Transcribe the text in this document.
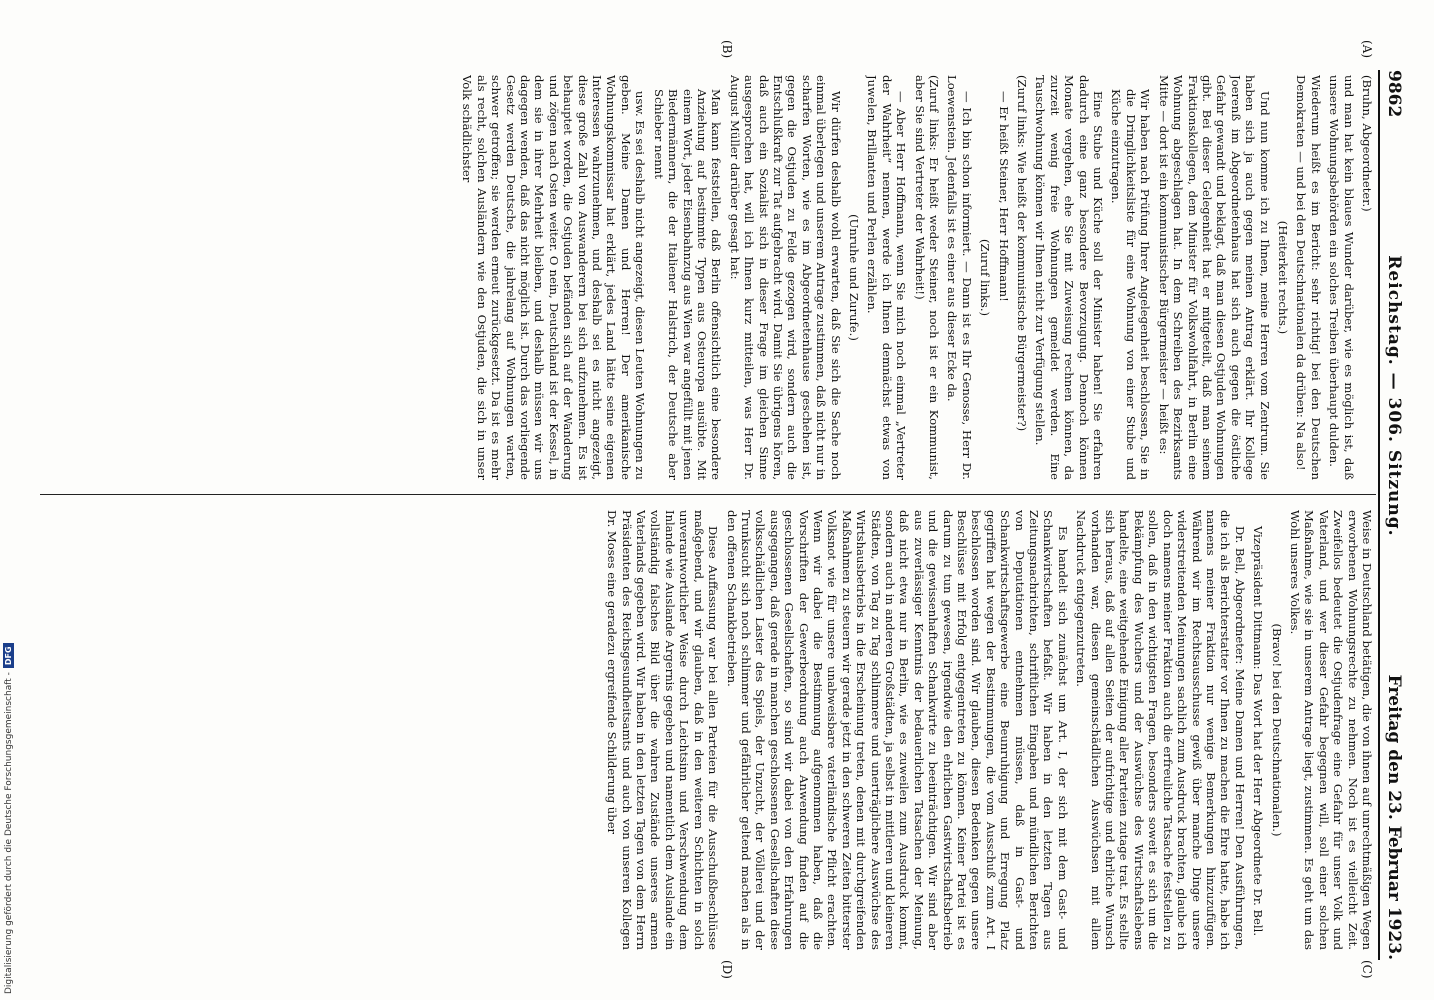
9862
Reichstag. — 306. Sitzung.
Freitag den 23. Februar 1923.
(A)
(B)
(C)
(D)

(Bruhn, Abgeordneter.)

und man hat kein blaues Wunder darüber, wie es möglich ist, daß unsere Wohnungsbehörden ein solches Treiben überhaupt dulden.

Wiederum heißt es im Bericht: sehr richtig! bei den Deutschen Demokraten — und bei den Deutschnationalen da drüben: Na also!

(Heiterkeit rechts.)

Und nun komme ich zu Ihnen, meine Herren vom Zentrum. Sie haben sich ja auch gegen meinen Antrag erklärt. Ihr Kollege Joerenß im Abgeordnetenhaus hat sich auch gegen die östliche Gefahr gewandt und beklagt, daß man diesen Ostjuden Wohnungen gibt. Bei dieser Gelegenheit hat er mitgeteilt, daß man seinem Fraktionskollegen, dem Minister für Volkswohlfahrt, in Berlin eine Wohnung abgeschlagen hat. In dem Schreiben des Bezirksamts Mitte — dort ist ein kommunistischer Bürgermeister — heißt es:

Wir haben nach Prüfung Ihrer Angelegenheit beschlossen, Sie in die Dringlichkeitsliste für eine Wohnung von einer Stube und Küche einzutragen.

Eine Stube und Küche soll der Minister haben! Sie erfahren dadurch eine ganz besondere Bevorzugung. Dennoch können Monate vergehen, ehe Sie mit Zuweisung rechnen können, da zurzeit wenig freie Wohnungen gemeldet werden. Eine Tauschwohnung können wir Ihnen nicht zur Verfügung stellen.

(Zuruf links: Wie heißt der kommunistische Bürgermeister?)

— Er heißt Steiner, Herr Hoffmann!

(Zuruf links.)

— Ich bin schon informiert. — Dann ist es Ihr Genosse, Herr Dr. Loewenstein. Jedenfalls ist es einer aus dieser Ecke da.

(Zuruf links: Er heißt weder Steiner, noch ist er ein Kommunist, aber Sie sind Vertreter der Wahrheit!)

— Aber Herr Hoffmann, wenn Sie mich noch einmal „Vertreter der Wahrheit“ nennen, werde ich Ihnen demnächst etwas von Juwelen, Brillanten und Perlen erzählen.

(Unruhe und Zurufe.)

Wir dürfen deshalb wohl erwarten, daß Sie sich die Sache noch einmal überlegen und unserem Antrage zustimmen, daß nicht nur in scharfen Worten, wie es im Abgeordnetenhause geschehen ist, gegen die Ostjuden zu Felde gezogen wird, sondern auch die Entschlußkraft zur Tat aufgebracht wird. Damit Sie übrigens hören, daß auch ein Sozialist sich in dieser Frage im gleichen Sinne ausgesprochen hat, will ich Ihnen kurz mitteilen, was Herr Dr. August Müller darüber gesagt hat:

Man kann feststellen, daß Berlin offensichtlich eine besondere Anziehung auf bestimmte Typen aus Osteuropa ausübte. Mit einem Wort, jeder Eisenbahnzug aus Wien war angefüllt mit jenen Biedermännern, die der Italiener Halstrich, der Deutsche aber Schieber nennt

usw. Es sei deshalb nicht angezeigt, diesen Leuten Wohnungen zu geben. Meine Damen und Herren! Der amerikanische Wohnungskommissar hat erklärt, jedes Land hätte seine eigenen Interessen wahrzunehmen, und deshalb sei es nicht angezeigt, diese große Zahl von Auswanderern bei sich aufzunehmen. Es ist behauptet worden, die Ostjuden befänden sich auf der Wanderung und zögen nach Osten weiter. O nein, Deutschland ist der Kessel, in dem sie in ihrer Mehrheit bleiben, und deshalb müssen wir uns dagegen wenden, daß das nicht möglich ist. Durch das vorliegende Gesetz werden Deutsche, die jahrelang auf Wohnungen warten, schwer getroffen; sie werden erneut zurückgesetzt. Da ist es mehr als recht, solchen Ausländern wie den Ostjuden, die sich in unser Volk schädlichster

Weise in Deutschland betätigen, die von ihnen auf unrechtmäßigen Wegen erworbenen Wohnungsrechte zu nehmen. Noch ist es vielleicht Zeit. Zweifellos bedeutet die Ostjudenfrage eine Gefahr für unser Volk und Vaterland, und wer dieser Gefahr begegnen will, soll einer solchen Maßnahme, wie sie in unserem Antrage liegt, zustimmen. Es geht um das Wohl unseres Volkes.

(Bravo! bei den Deutschnationalen.)

Vizepräsident Dittmann: Das Wort hat der Herr Abgeordnete Dr. Bell.

Dr. Bell, Abgeordneter: Meine Damen und Herren! Den Ausführungen, die ich als Berichterstatter vor Ihnen zu machen die Ehre hatte, habe ich namens meiner Fraktion nur wenige Bemerkungen hinzuzufügen. Während wir im Rechtsausschusse gewiß über manche Dinge unsere widerstreitenden Meinungen sachlich zum Ausdruck brachten, glaube ich doch namens meiner Fraktion auch die erfreuliche Tatsache feststellen zu sollen, daß in den wichtigsten Fragen, besonders soweit es sich um die Bekämpfung des Wuchers und der Auswüchse des Wirtschaftslebens handelte, eine weitgehende Einigung aller Parteien zutage trat. Es stellte sich heraus, daß auf allen Seiten der aufrichtige und ehrliche Wunsch vorhanden war, diesen gemeinschädlichen Auswüchsen mit allem Nachdruck entgegenzutreten.

Es handelt sich zunächst um Art. I, der sich mit dem Gast- und Schankwirtschaften befaßt. Wir haben in den letzten Tagen aus Zeitungsnachrichten, schriftlichen Eingaben und mündlichen Berichten von Deputationen entnehmen müssen, daß in Gast- und Schankwirtschaftsgewerbe eine Beunruhigung und Erregung Platz gegriffen hat wegen der Bestimmungen, die vom Ausschuß zum Art. I beschlossen worden sind. Wir glauben, diesen Bedenken gegen unsere Beschlüsse mit Erfolg entgegentreten zu können. Keiner Partei ist es darum zu tun gewesen, irgendwie den ehrlichen Gastwirtschaftsbetrieb und die gewissenhaften Schankwirte zu beeinträchtigen. Wir sind aber aus zuverlässiger Kenntnis der bedauerlichen Tatsachen der Meinung, daß nicht etwa nur in Berlin, wie es zuweilen zum Ausdruck kommt, sondern auch in anderen Großstädten, ja selbst in mittleren und kleineren Städten, von Tag zu Tag schlimmere und unerträglichere Auswüchse des Wirtshausbetriebs in die Erscheinung treten, denen mit durchgreifenden Maßnahmen zu steuern wir gerade jetzt in den schweren Zeiten bitterster Volksnot wie für unsere unabweisbare vaterländische Pflicht erachten. Wenn wir dabei die Bestimmung aufgenommen haben, daß die Vorschriften der Gewerbeordnung auch Anwendung finden auf die geschlossenen Gesellschaften, so sind wir dabei von den Erfahrungen ausgegangen, daß gerade in manchen geschlossenen Gesellschaften diese volksschädlichen Laster des Spiels, der Unzucht, der Völlerei und der Trunksucht sich noch schlimmer und gefährlicher geltend machen als in den offenen Schankbetrieben.

Diese Auffassung war bei allen Parteien für die Ausschußbeschlüsse maßgebend, und wir glauben, daß in den weiteren Schichten in solch unverantwortlicher Weise durch Leichtsinn und Verschwendung dem Inlande wie Auslande Argernis gegeben und namentlich dem Auslande ein vollständig falsches Bild über die wahren Zustände unseres armen Vaterlands gegeben wird. Wir haben in den letzten Tagen von dem Herrn Präsidenten des Reichsgesundheitsamts und auch von unseren Kollegen Dr. Moses eine geradezu ergreifende Schilderung über

Digitalisierung gefördert durch die Deutsche Forschungsgemeinschaft -
DFG
